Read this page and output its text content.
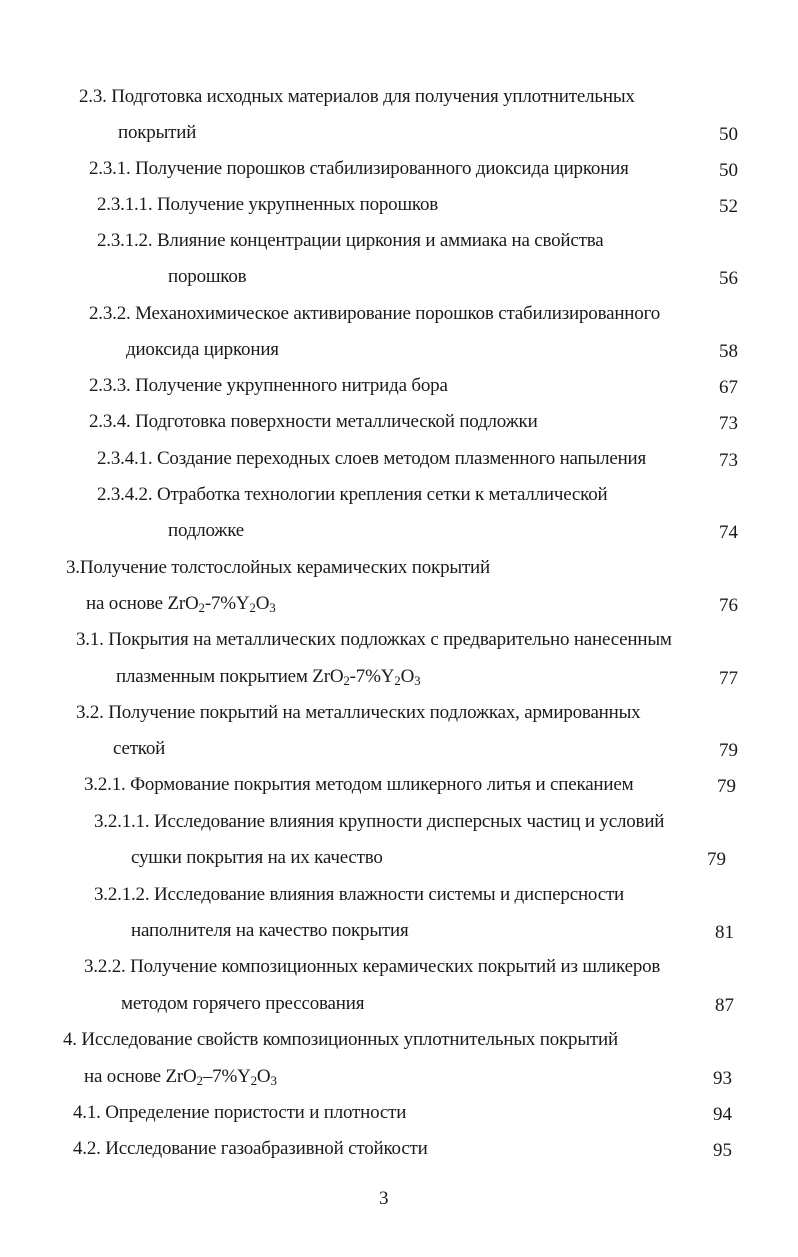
2.3. Подготовка исходных материалов для получения уплотнительных
покрытий	50
2.3.1. Получение порошков стабилизированного диоксида циркония	50
2.3.1.1. Получение укрупненных порошков	52
2.3.1.2. Влияние концентрации циркония и аммиака на свойства
порошков	56
2.3.2. Механохимическое активирование порошков стабилизированного
диоксида циркония	58
2.3.3. Получение укрупненного нитрида бора	67
2.3.4. Подготовка поверхности металлической подложки	73
2.3.4.1. Создание переходных слоев методом плазменного напыления	73
2.3.4.2. Отработка технологии крепления сетки к металлической
подложке	74
3.Получение толстослойных керамических покрытий
на основе $ZrO_2-7\%Y_2O_3$	76
3.1. Покрытия на металлических подложках с предварительно нанесенным
плазменным покрытием $ZrO_2-7\%Y_2O_3$	77
3.2. Получение покрытий на металлических подложках, армированных
сеткой	79
3.2.1. Формование покрытия методом шликерного литья и спеканием	79
3.2.1.1. Исследование влияния крупности дисперсных частиц и условий
сушки покрытия на их качество	79
3.2.1.2. Исследование влияния влажности системы и дисперсности
наполнителя на качество покрытия	81
3.2.2. Получение композиционных керамических покрытий из шликеров
методом горячего прессования	87
4. Исследование свойств композиционных уплотнительных покрытий
на основе $ZrO_2-7\%Y_2O_3$	93
4.1. Определение пористости и плотности	94
4.2. Исследование газоабразивной стойкости	95
3
